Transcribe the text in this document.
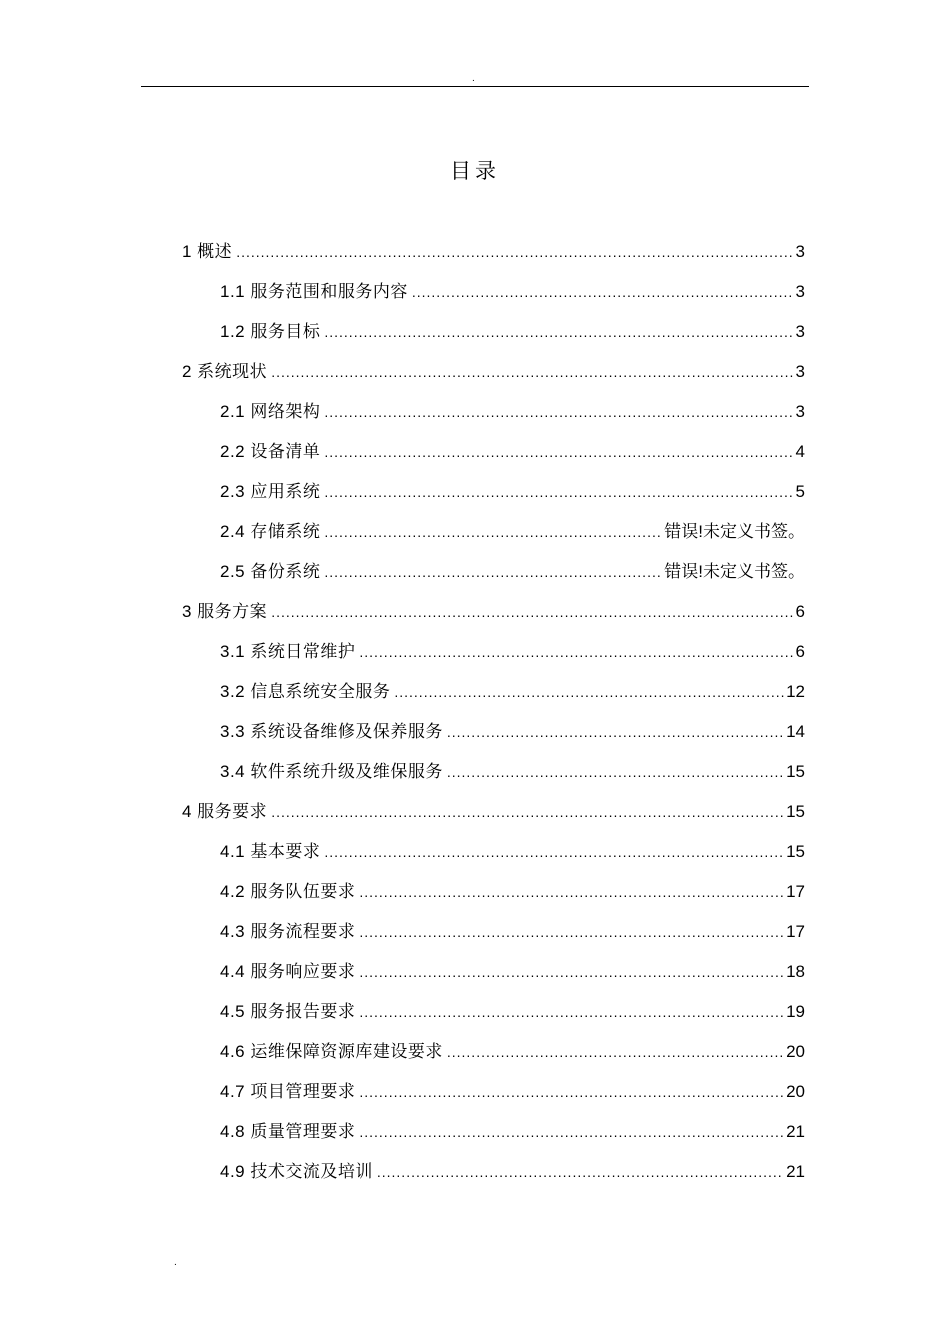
.
目录
1 概述 .....	3
1.1 服务范围和服务内容 .....	3
1.2 服务目标 .....	3
2 系统现状 .....	3
2.1 网络架构 .....	3
2.2 设备清单 .....	4
2.3 应用系统 .....	5
2.4 存储系统 .....	错误!未定义书签。
2.5 备份系统 .....	错误!未定义书签。
3 服务方案 .....	6
3.1 系统日常维护 .....	6
3.2 信息系统安全服务 .....	12
3.3 系统设备维修及保养服务 .....	14
3.4 软件系统升级及维保服务 .....	15
4 服务要求 .....	15
4.1 基本要求 .....	15
4.2 服务队伍要求 .....	17
4.3 服务流程要求 .....	17
4.4 服务响应要求 .....	18
4.5 服务报告要求 .....	19
4.6 运维保障资源库建设要求 .....	20
4.7 项目管理要求 .....	20
4.8 质量管理要求 .....	21
4.9 技术交流及培训 .....	21
.
